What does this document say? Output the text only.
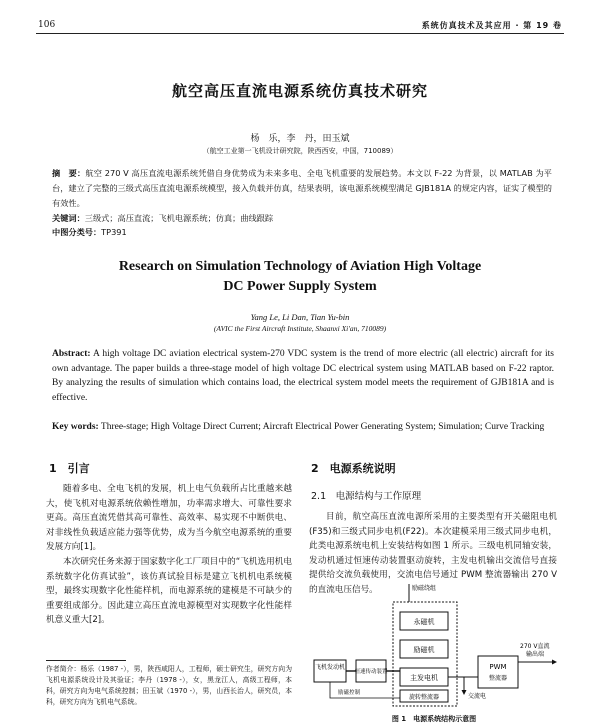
106	系统仿真技术及其应用 · 第 19 卷
航空高压直流电源系统仿真技术研究
杨　乐，李　丹，田玉斌
（航空工业第一飞机设计研究院，陕西西安，中国，710089）
摘　要：航空 270 V 高压直流电源系统凭借自身优势成为未来多电、全电飞机重要的发展趋势。本文以 F-22 为背景，以 MATLAB 为平台，建立了完整的三级式高压直流电源系统模型，接入负载并仿真，结果表明，该电源系统模型满足 GJB181A 的规定内容，证实了模型的有效性。
关键词：三级式；高压直流；飞机电源系统；仿真；曲线跟踪
中图分类号：TP391
Research on Simulation Technology of Aviation High Voltage
DC Power Supply System
Yang Le, Li Dan, Tian Yu-bin
(AVIC the First Aircraft Institute, Shaanxi Xi'an, 710089)
Abstract: A high voltage DC aviation electrical system-270 VDC system is the trend of more electric (all electric) aircraft for its own advantage. The paper builds a three-stage model of high voltage DC electrical system using MATLAB based on F-22 raptor. By analyzing the results of simulation which contains load, the electrical system model meets the requirement of GJB181A and is effective.
Key words: Three-stage; High Voltage Direct Current; Aircraft Electrical Power Generating System; Simulation; Curve Tracking
1　引言
随着多电、全电飞机的发展，机上电气负载所占比重越来越大，使飞机对电源系统依赖性增加，功率需求增大、可靠性要求更高。高压直流凭借其高可靠性、高效率、易实现不中断供电、对非线性负载适应能力强等优势，成为当今航空电源系统的重要发展方向[1]。
本次研究任务来源于国家数字化工厂项目中的“飞机选用机电系统数字化仿真试验”，该仿真试验目标是建立飞机机电系统模型，最终实现数字化性能样机，而电源系统的建模是不可缺少的重要组成部分。因此建立高压直流电源模型对实现数字化性能样机意义重大[2]。
作者简介：杨乐（1987 -），男，陕西咸阳人，工程师，硕士研究生，研究方向为飞机电源系统设计及其验证；李丹（1978 -），女，黑龙江人，高级工程师，本科，研究方向为电气系统控制；田玉斌（1970 -），男，山西长治人，研究员，本科，研究方向为飞机电气系统。
2　电源系统说明
2.1　电源结构与工作原理
目前，航空高压直流电源所采用的主要类型有开关磁阻电机(F35)和三级式同步电机(F22)。本次建模采用三级式同步电机，此类电源系统电机上安装结构如图 1 所示。三级电机同轴安装，发动机通过恒速传动装置驱动旋转，主发电机输出交流信号直接提供给交流负载使用，交流电信号通过 PWM 整流器输出 270 V 的直流电压信号。	励磁绕组
永磁机
励磁机
主发电机
旋转整流器
飞机发动机
恒速传动装置
励磁控制	交流电
PWM
整流器
270 V直流
输出端
图 1　电源系统结构示意图
